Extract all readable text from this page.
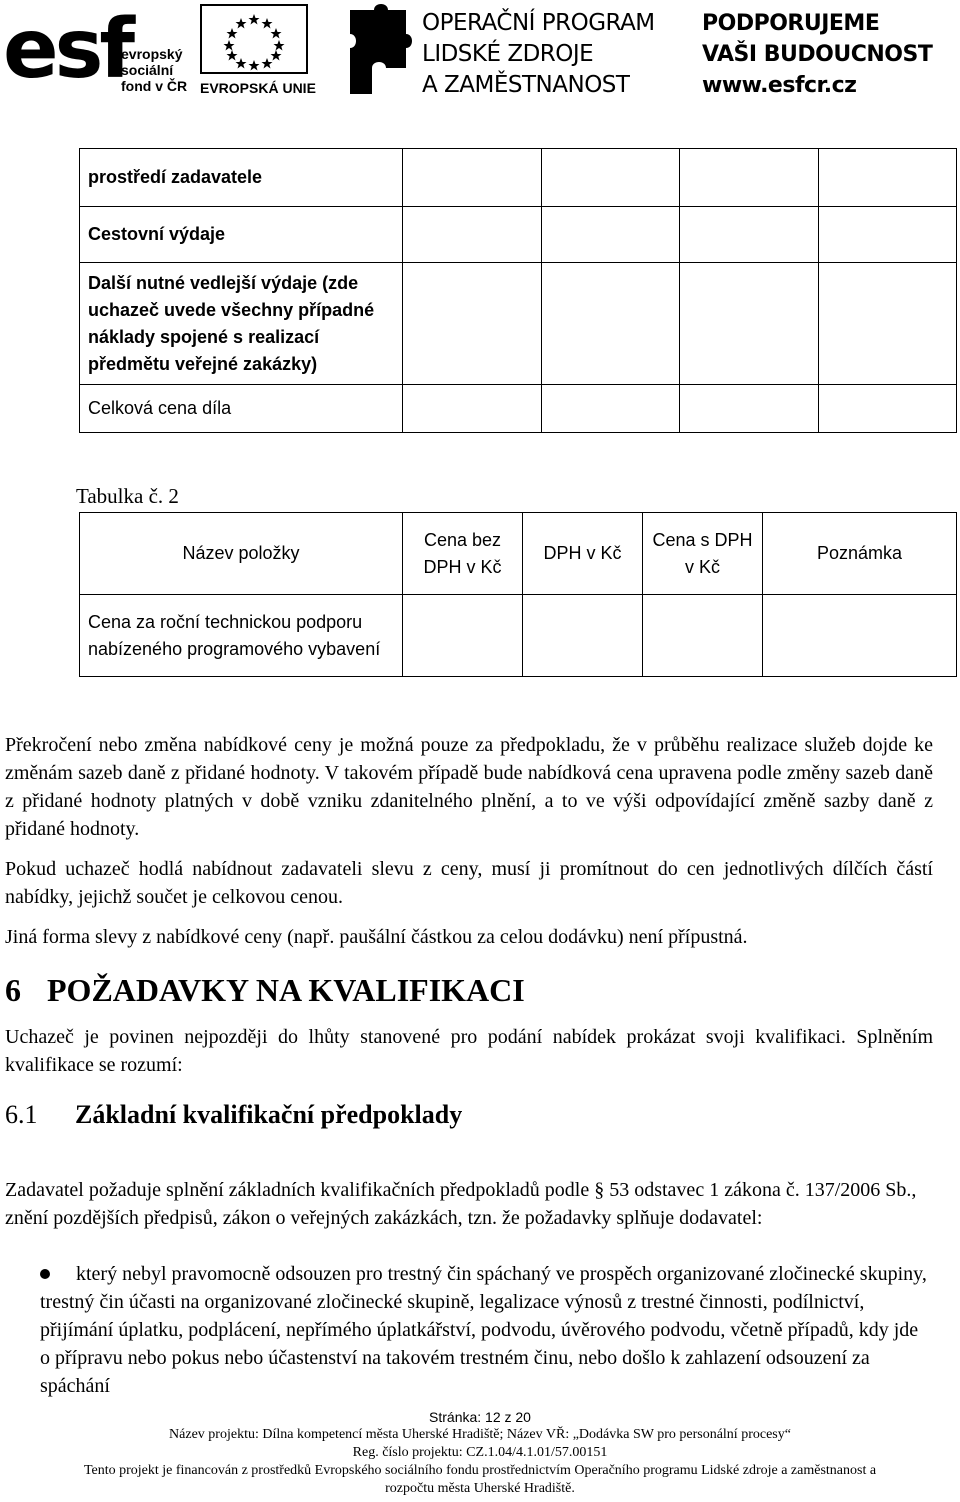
esf
evropský
sociální
fond v ČR EVROPSKÁ UNIE
OPERAČNÍ PROGRAM
LIDSKÉ ZDROJE
A ZAMĚSTNANOST
PODPORUJEME
VAŠI BUDOUCNOST
www.esfcr.cz
prostředí zadavatele				
Cestovní výdaje				
Další nutné vedlejší výdaje (zde uchazeč uvede všechny případné náklady spojené s realizací předmětu veřejné zakázky)				
Celková cena díla				
Tabulka č. 2
Název položky	Cena bez DPH v Kč	DPH v Kč	Cena s DPH v Kč	Poznámka
Cena za roční technickou podporu nabízeného programového vybavení				

Překročení nebo změna nabídkové ceny je možná pouze za předpokladu, že v průběhu realizace služeb dojde ke změnám sazeb daně z přidané hodnoty. V takovém případě bude nabídková cena upravena podle změny sazeb daně z přidané hodnoty platných v době vzniku zdanitelného plnění, a to ve výši odpovídající změně sazby daně z přidané hodnoty.

Pokud uchazeč hodlá nabídnout zadavateli slevu z ceny, musí ji promítnout do cen jednotlivých dílčích částí nabídky, jejichž součet je celkovou cenou.

Jiná forma slevy z nabídkové ceny (např. paušální částkou za celou dodávku) není přípustná.

6 POŽADAVKY NA KVALIFIKACI

Uchazeč je povinen nejpozději do lhůty stanovené pro podání nabídek prokázat svoji kvalifikaci. Splněním kvalifikace se rozumí:

6.1 Základní kvalifikační předpoklady

Zadavatel požaduje splnění základních kvalifikačních předpokladů podle § 53 odstavec 1 zákona č. 137/2006 Sb., znění pozdějších předpisů, zákon o veřejných zakázkách, tzn. že požadavky splňuje dodavatel:

který nebyl pravomocně odsouzen pro trestný čin spáchaný ve prospěch organizované zločinecké skupiny, trestný čin účasti na organizované zločinecké skupině, legalizace výnosů z trestné činnosti, podílnictví, přijímání úplatku, podplácení, nepřímého úplatkářství, podvodu, úvěrového podvodu, včetně případů, kdy jde o přípravu nebo pokus nebo účastenství na takovém trestném činu, nebo došlo k zahlazení odsouzení za spáchání

Stránka: 12 z 20
Název projektu: Dílna kompetencí města Uherské Hradiště; Název VŘ: „Dodávka SW pro personální procesy“
Reg. číslo projektu: CZ.1.04/4.1.01/57.00151
Tento projekt je financován z prostředků Evropského sociálního fondu prostřednictvím Operačního programu Lidské zdroje a zaměstnanost a
rozpočtu města Uherské Hradiště.
